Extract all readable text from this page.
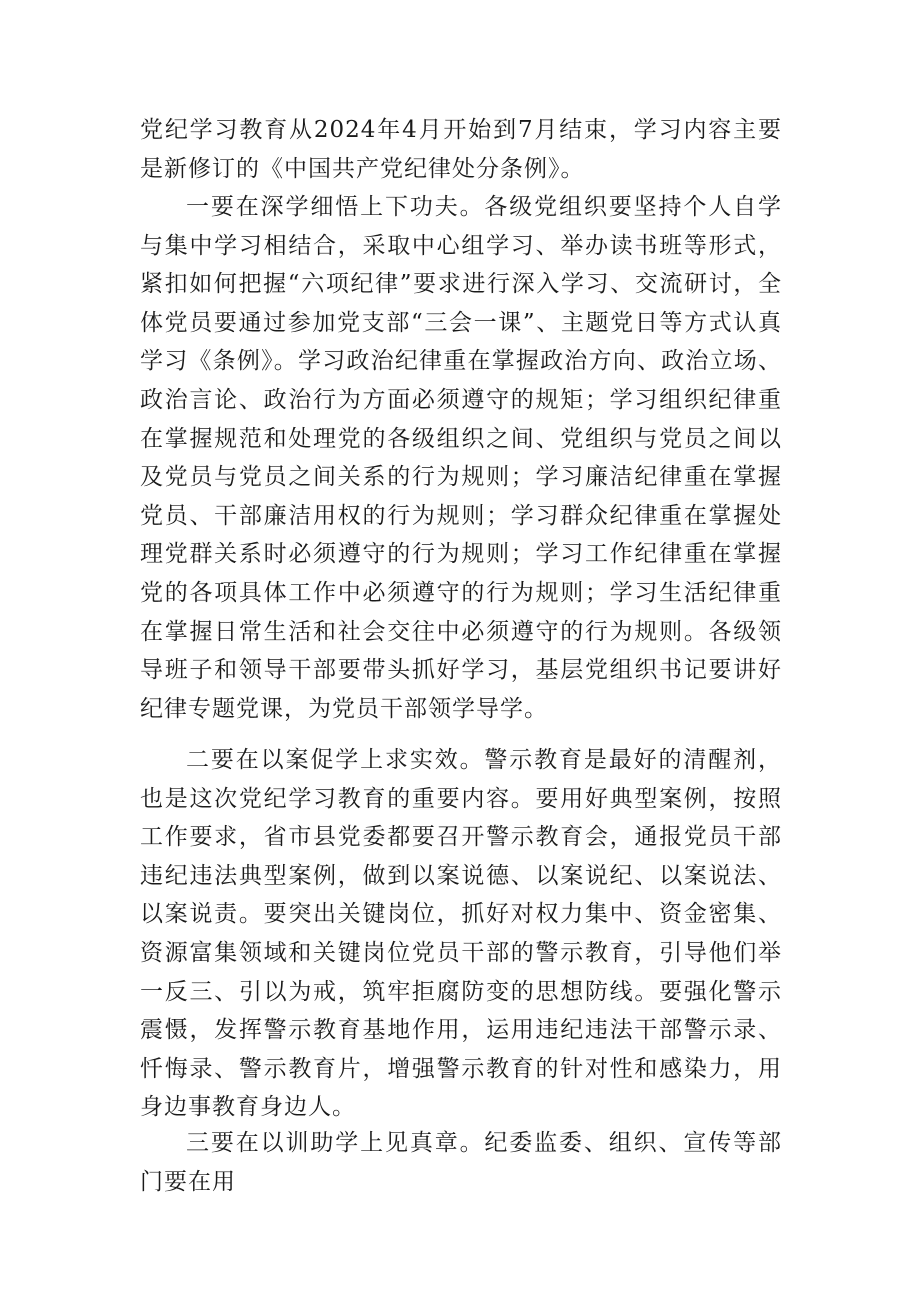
党纪学习教育从2024年4月开始到7月结束，学习内容主要是新修订的《中国共产党纪律处分条例》。

一要在深学细悟上下功夫。各级党组织要坚持个人自学与集中学习相结合，采取中心组学习、举办读书班等形式，紧扣如何把握“六项纪律”要求进行深入学习、交流研讨，全体党员要通过参加党支部“三会一课”、主题党日等方式认真学习《条例》。学习政治纪律重在掌握政治方向、政治立场、政治言论、政治行为方面必须遵守的规矩；学习组织纪律重在掌握规范和处理党的各级组织之间、党组织与党员之间以及党员与党员之间关系的行为规则；学习廉洁纪律重在掌握党员、干部廉洁用权的行为规则；学习群众纪律重在掌握处理党群关系时必须遵守的行为规则；学习工作纪律重在掌握党的各项具体工作中必须遵守的行为规则；学习生活纪律重在掌握日常生活和社会交往中必须遵守的行为规则。各级领导班子和领导干部要带头抓好学习，基层党组织书记要讲好纪律专题党课，为党员干部领学导学。

二要在以案促学上求实效。警示教育是最好的清醒剂，也是这次党纪学习教育的重要内容。要用好典型案例，按照工作要求，省市县党委都要召开警示教育会，通报党员干部违纪违法典型案例，做到以案说德、以案说纪、以案说法、以案说责。要突出关键岗位，抓好对权力集中、资金密集、资源富集领域和关键岗位党员干部的警示教育，引导他们举一反三、引以为戒，筑牢拒腐防变的思想防线。要强化警示震慑，发挥警示教育基地作用，运用违纪违法干部警示录、忏悔录、警示教育片，增强警示教育的针对性和感染力，用身边事教育身边人。

三要在以训助学上见真章。纪委监委、组织、宣传等部门要在用
